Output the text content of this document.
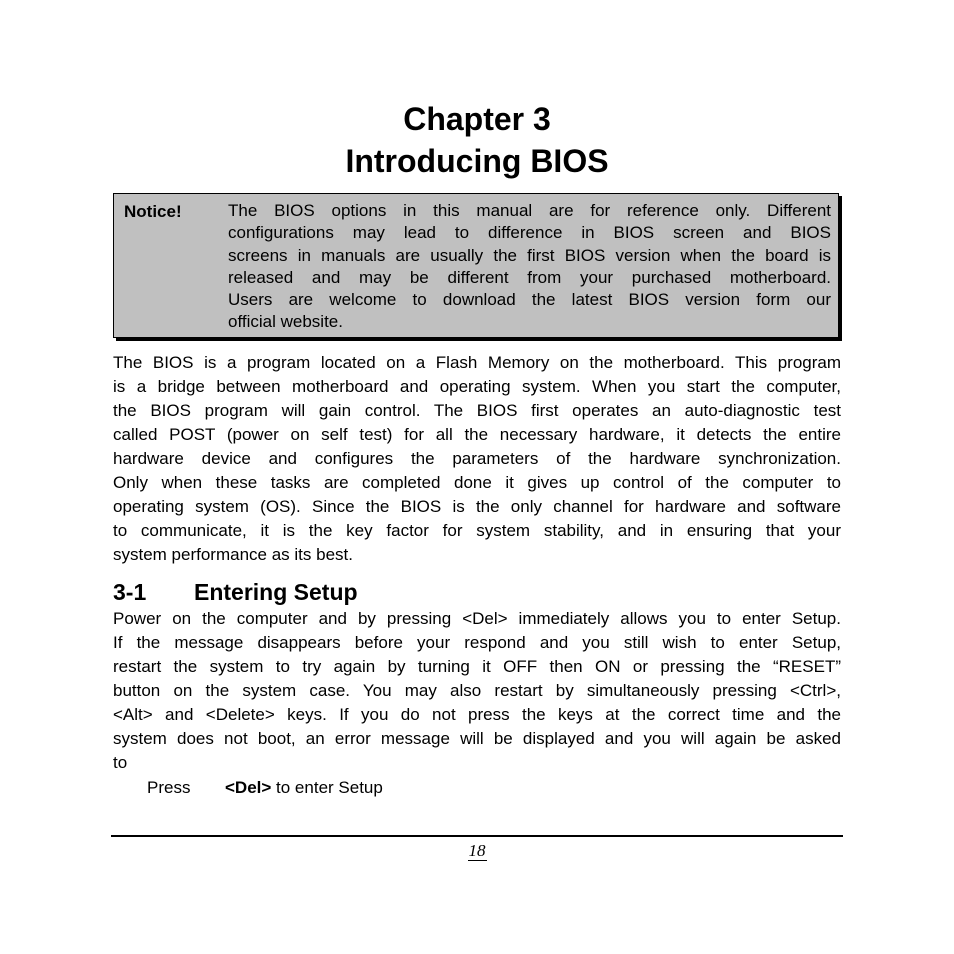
Chapter 3
Introducing BIOS
Notice!	The BIOS options in this manual are for reference only. Different
configurations may lead to difference in BIOS screen and BIOS
screens in manuals are usually the first BIOS version when the board is
released and may be different from your purchased motherboard.
Users are welcome to download the latest BIOS version form our
official website.
The BIOS is a program located on a Flash Memory on the motherboard. This program
is a bridge between motherboard and operating system. When you start the computer,
the BIOS program will gain control. The BIOS first operates an auto-diagnostic test
called POST (power on self test) for all the necessary hardware, it detects the entire
hardware device and configures the parameters of the hardware synchronization.
Only when these tasks are completed done it gives up control of the computer to
operating system (OS). Since the BIOS is the only channel for hardware and software
to communicate, it is the key factor for system stability, and in ensuring that your
system performance as its best.
3-1 Entering Setup
Power on the computer and by pressing <Del> immediately allows you to enter Setup.
If the message disappears before your respond and you still wish to enter Setup,
restart the system to try again by turning it OFF then ON or pressing the “RESET”
button on the system case. You may also restart by simultaneously pressing <Ctrl>,
<Alt> and <Delete> keys. If you do not press the keys at the correct time and the
system does not boot, an error message will be displayed and you will again be asked
to
Press <Del> to enter Setup
18
